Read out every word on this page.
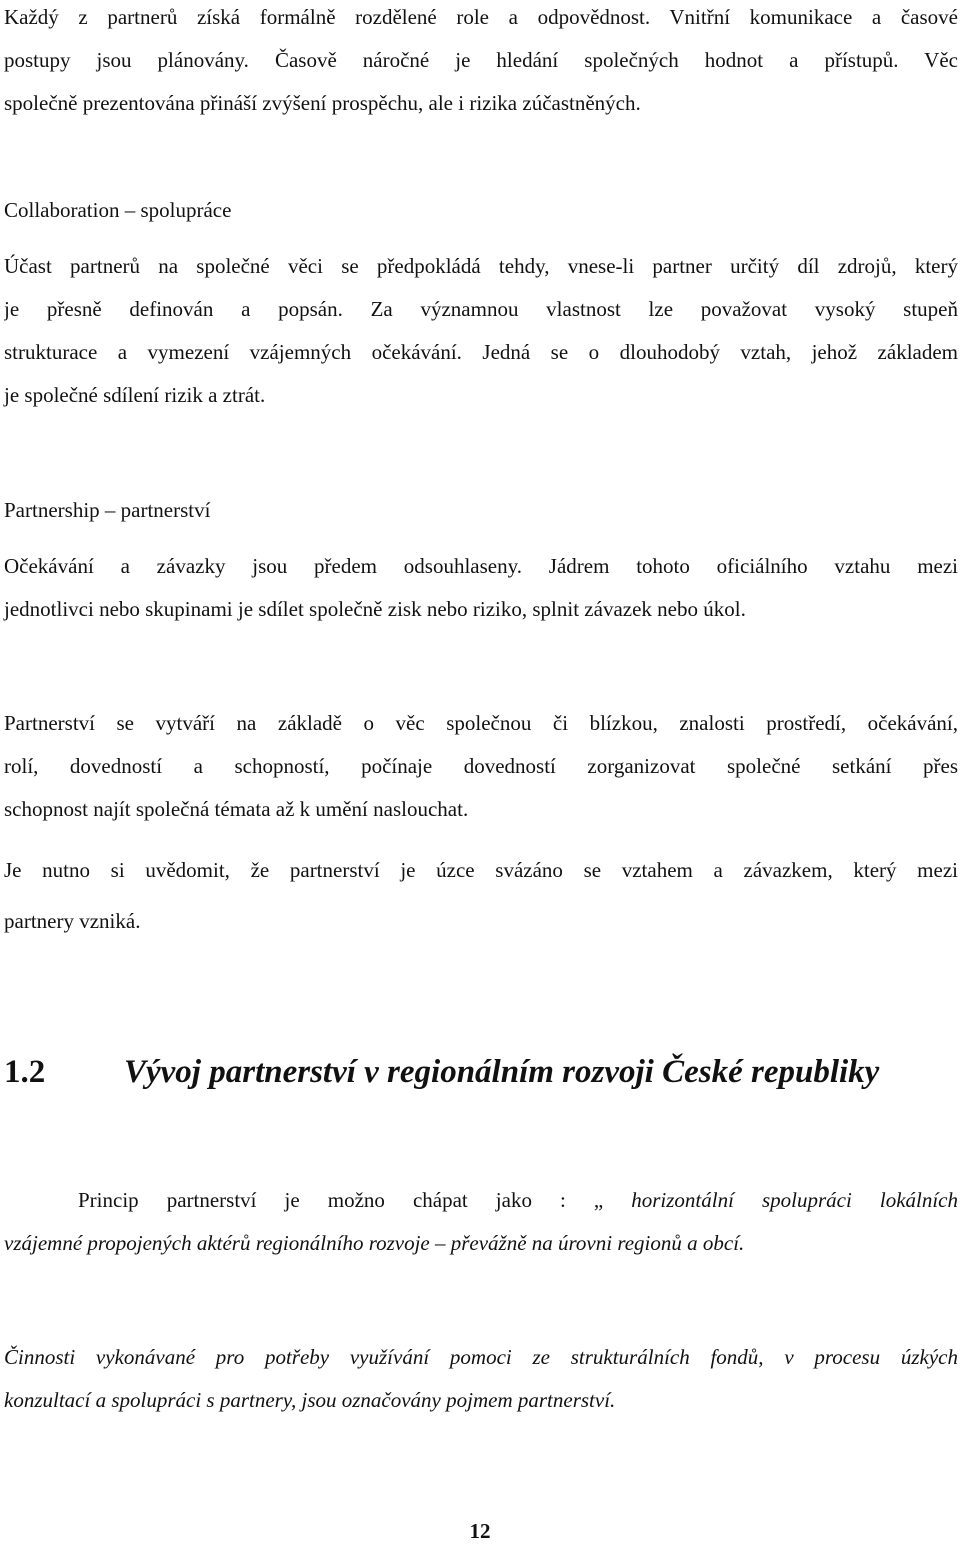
Každý z partnerů získá formálně rozdělené role a odpovědnost. Vnitřní komunikace a časové
postupy jsou plánovány. Časově náročné je hledání společných hodnot a přístupů. Věc
společně prezentována přináší zvýšení prospěchu, ale i rizika zúčastněných.
Collaboration – spolupráce
Účast partnerů na společné věci se předpokládá tehdy, vnese-li partner určitý díl zdrojů, který
je přesně definován a popsán. Za významnou vlastnost lze považovat vysoký stupeň
strukturace a vymezení vzájemných očekávání. Jedná se o dlouhodobý vztah, jehož základem
je společné sdílení rizik a ztrát.
Partnership – partnerství
Očekávání a závazky jsou předem odsouhlaseny. Jádrem tohoto oficiálního vztahu mezi
jednotlivci nebo skupinami je sdílet společně zisk nebo riziko, splnit závazek nebo úkol.
Partnerství se vytváří na základě o věc společnou či blízkou, znalosti prostředí, očekávání,
rolí, dovedností a schopností, počínaje dovedností zorganizovat společné setkání přes
schopnost najít společná témata až k umění naslouchat.
Je nutno si uvědomit, že partnerství je úzce svázáno se vztahem a závazkem, který mezi
partnery vzniká.
1.2 Vývoj partnerství v regionálním rozvoji České republiky
Princip partnerství je možno chápat jako : „ horizontální spolupráci lokálních
vzájemné propojených aktérů regionálního rozvoje – převážně na úrovni regionů a obcí.
Činnosti vykonávané pro potřeby využívání pomoci ze strukturálních fondů, v procesu úzkých
konzultací a spolupráci s partnery, jsou označovány pojmem partnerství.
12
